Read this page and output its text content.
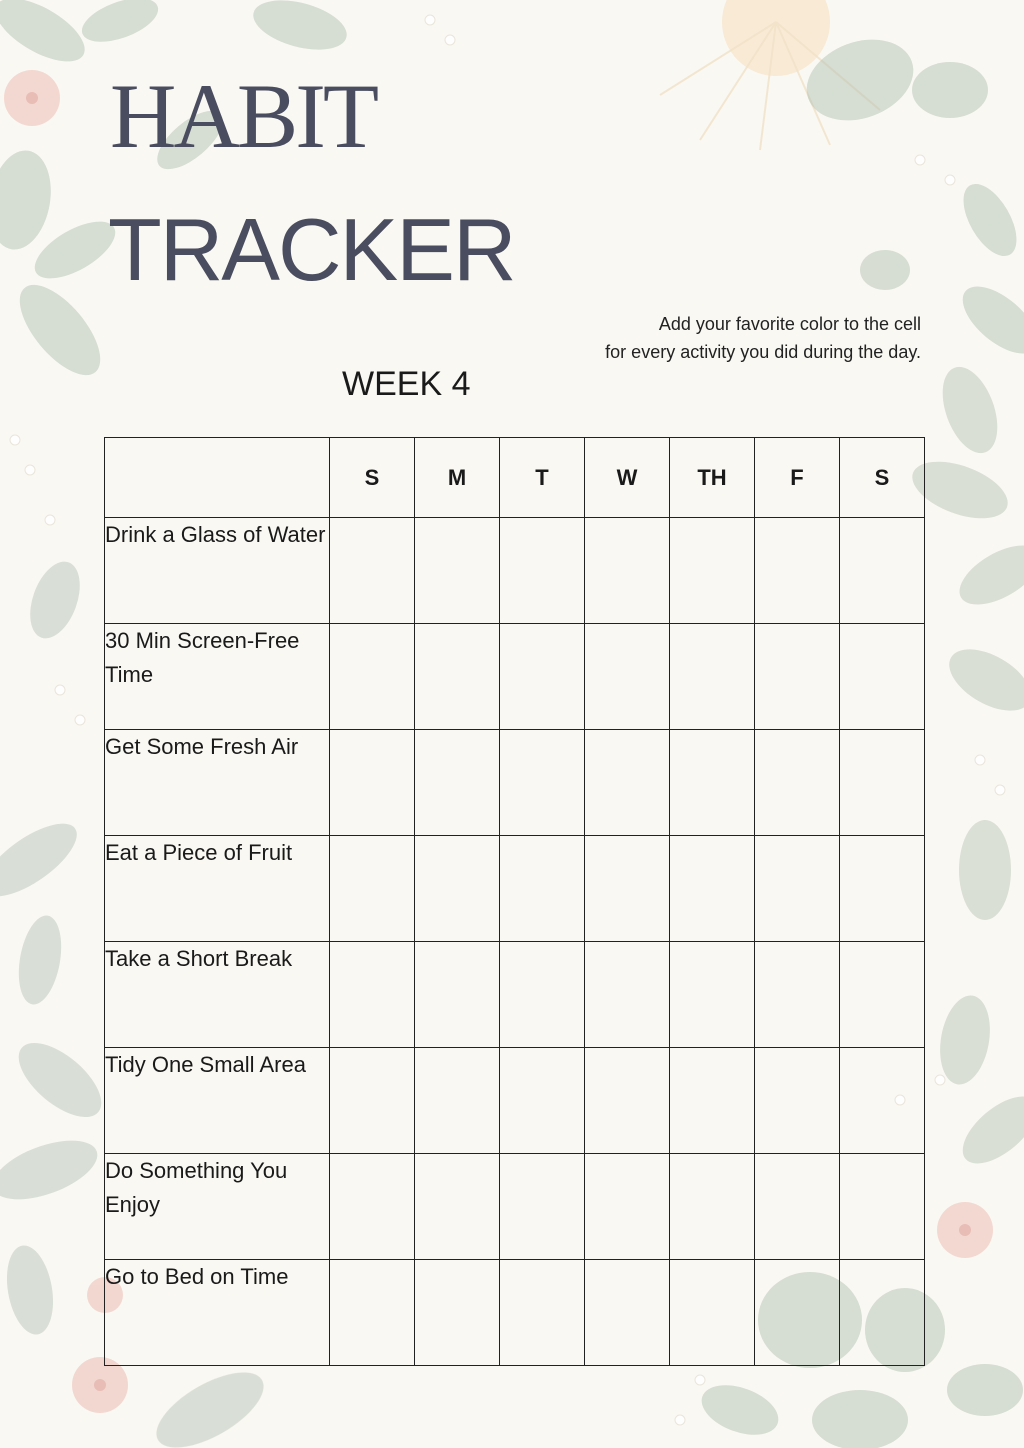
HABIT
TRACKER
Add your favorite color to the cell
for every activity you did during the day.
WEEK 4
	S	M	T	W	TH	F	S
Drink a Glass of Water							
30 Min Screen-Free Time							
Get Some Fresh Air							
Eat a Piece of Fruit							
Take a Short Break							
Tidy One Small Area							
Do Something You Enjoy							
Go to Bed on Time							
